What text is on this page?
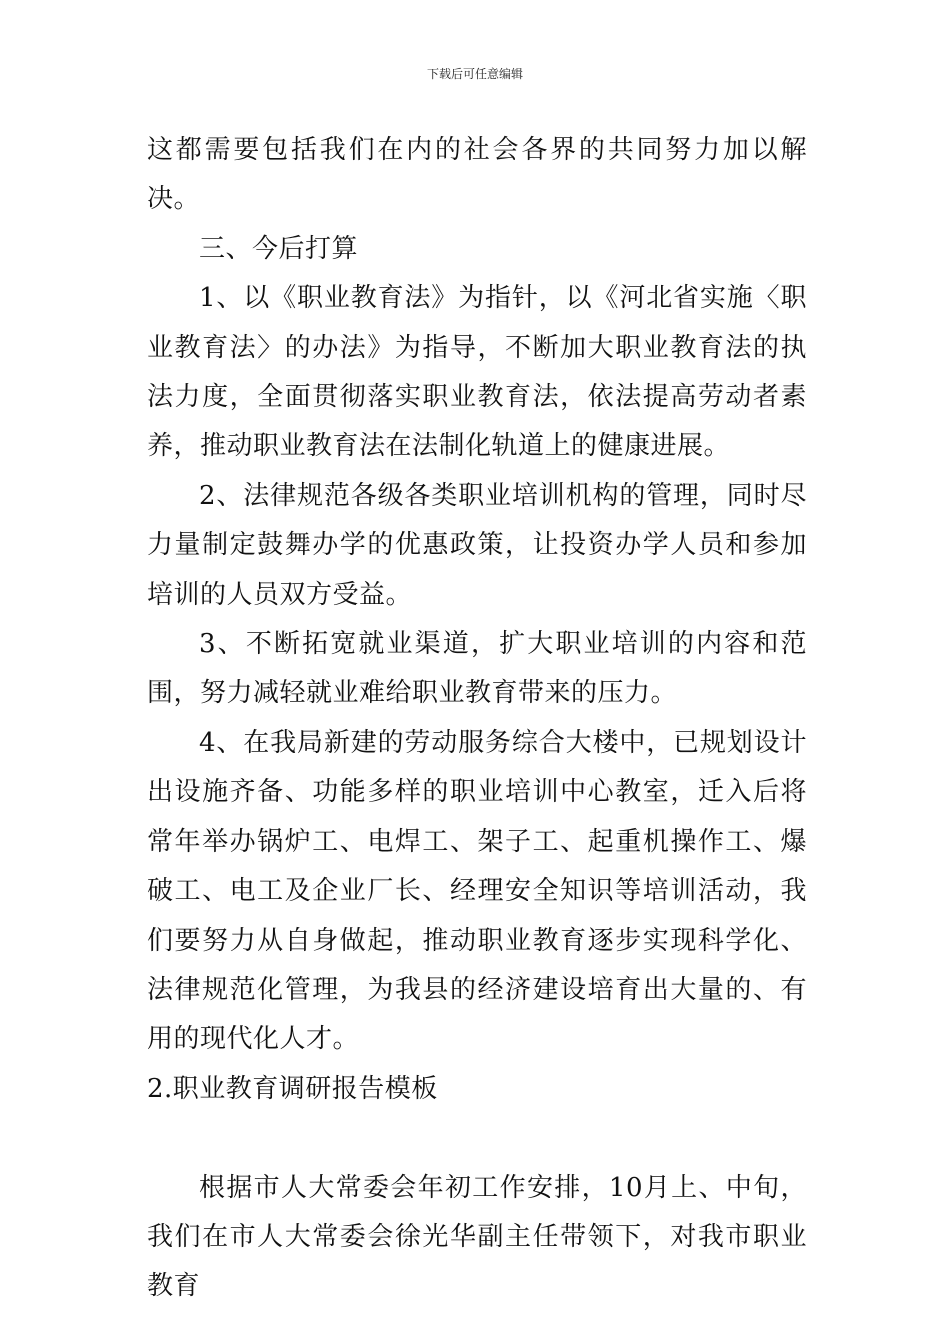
下载后可任意编辑

这都需要包括我们在内的社会各界的共同努力加以解决。

三、今后打算

1、以《职业教育法》为指针，以《河北省实施〈职业教育法〉的办法》为指导，不断加大职业教育法的执法力度，全面贯彻落实职业教育法，依法提高劳动者素养，推动职业教育法在法制化轨道上的健康进展。

2、法律规范各级各类职业培训机构的管理，同时尽力量制定鼓舞办学的优惠政策，让投资办学人员和参加培训的人员双方受益。

3、不断拓宽就业渠道，扩大职业培训的内容和范围，努力减轻就业难给职业教育带来的压力。

4、在我局新建的劳动服务综合大楼中，已规划设计出设施齐备、功能多样的职业培训中心教室，迁入后将常年举办锅炉工、电焊工、架子工、起重机操作工、爆破工、电工及企业厂长、经理安全知识等培训活动，我们要努力从自身做起，推动职业教育逐步实现科学化、法律规范化管理，为我县的经济建设培育出大量的、有用的现代化人才。

2.职业教育调研报告模板

根据市人大常委会年初工作安排，10月上、中旬，我们在市人大常委会徐光华副主任带领下，对我市职业教育
